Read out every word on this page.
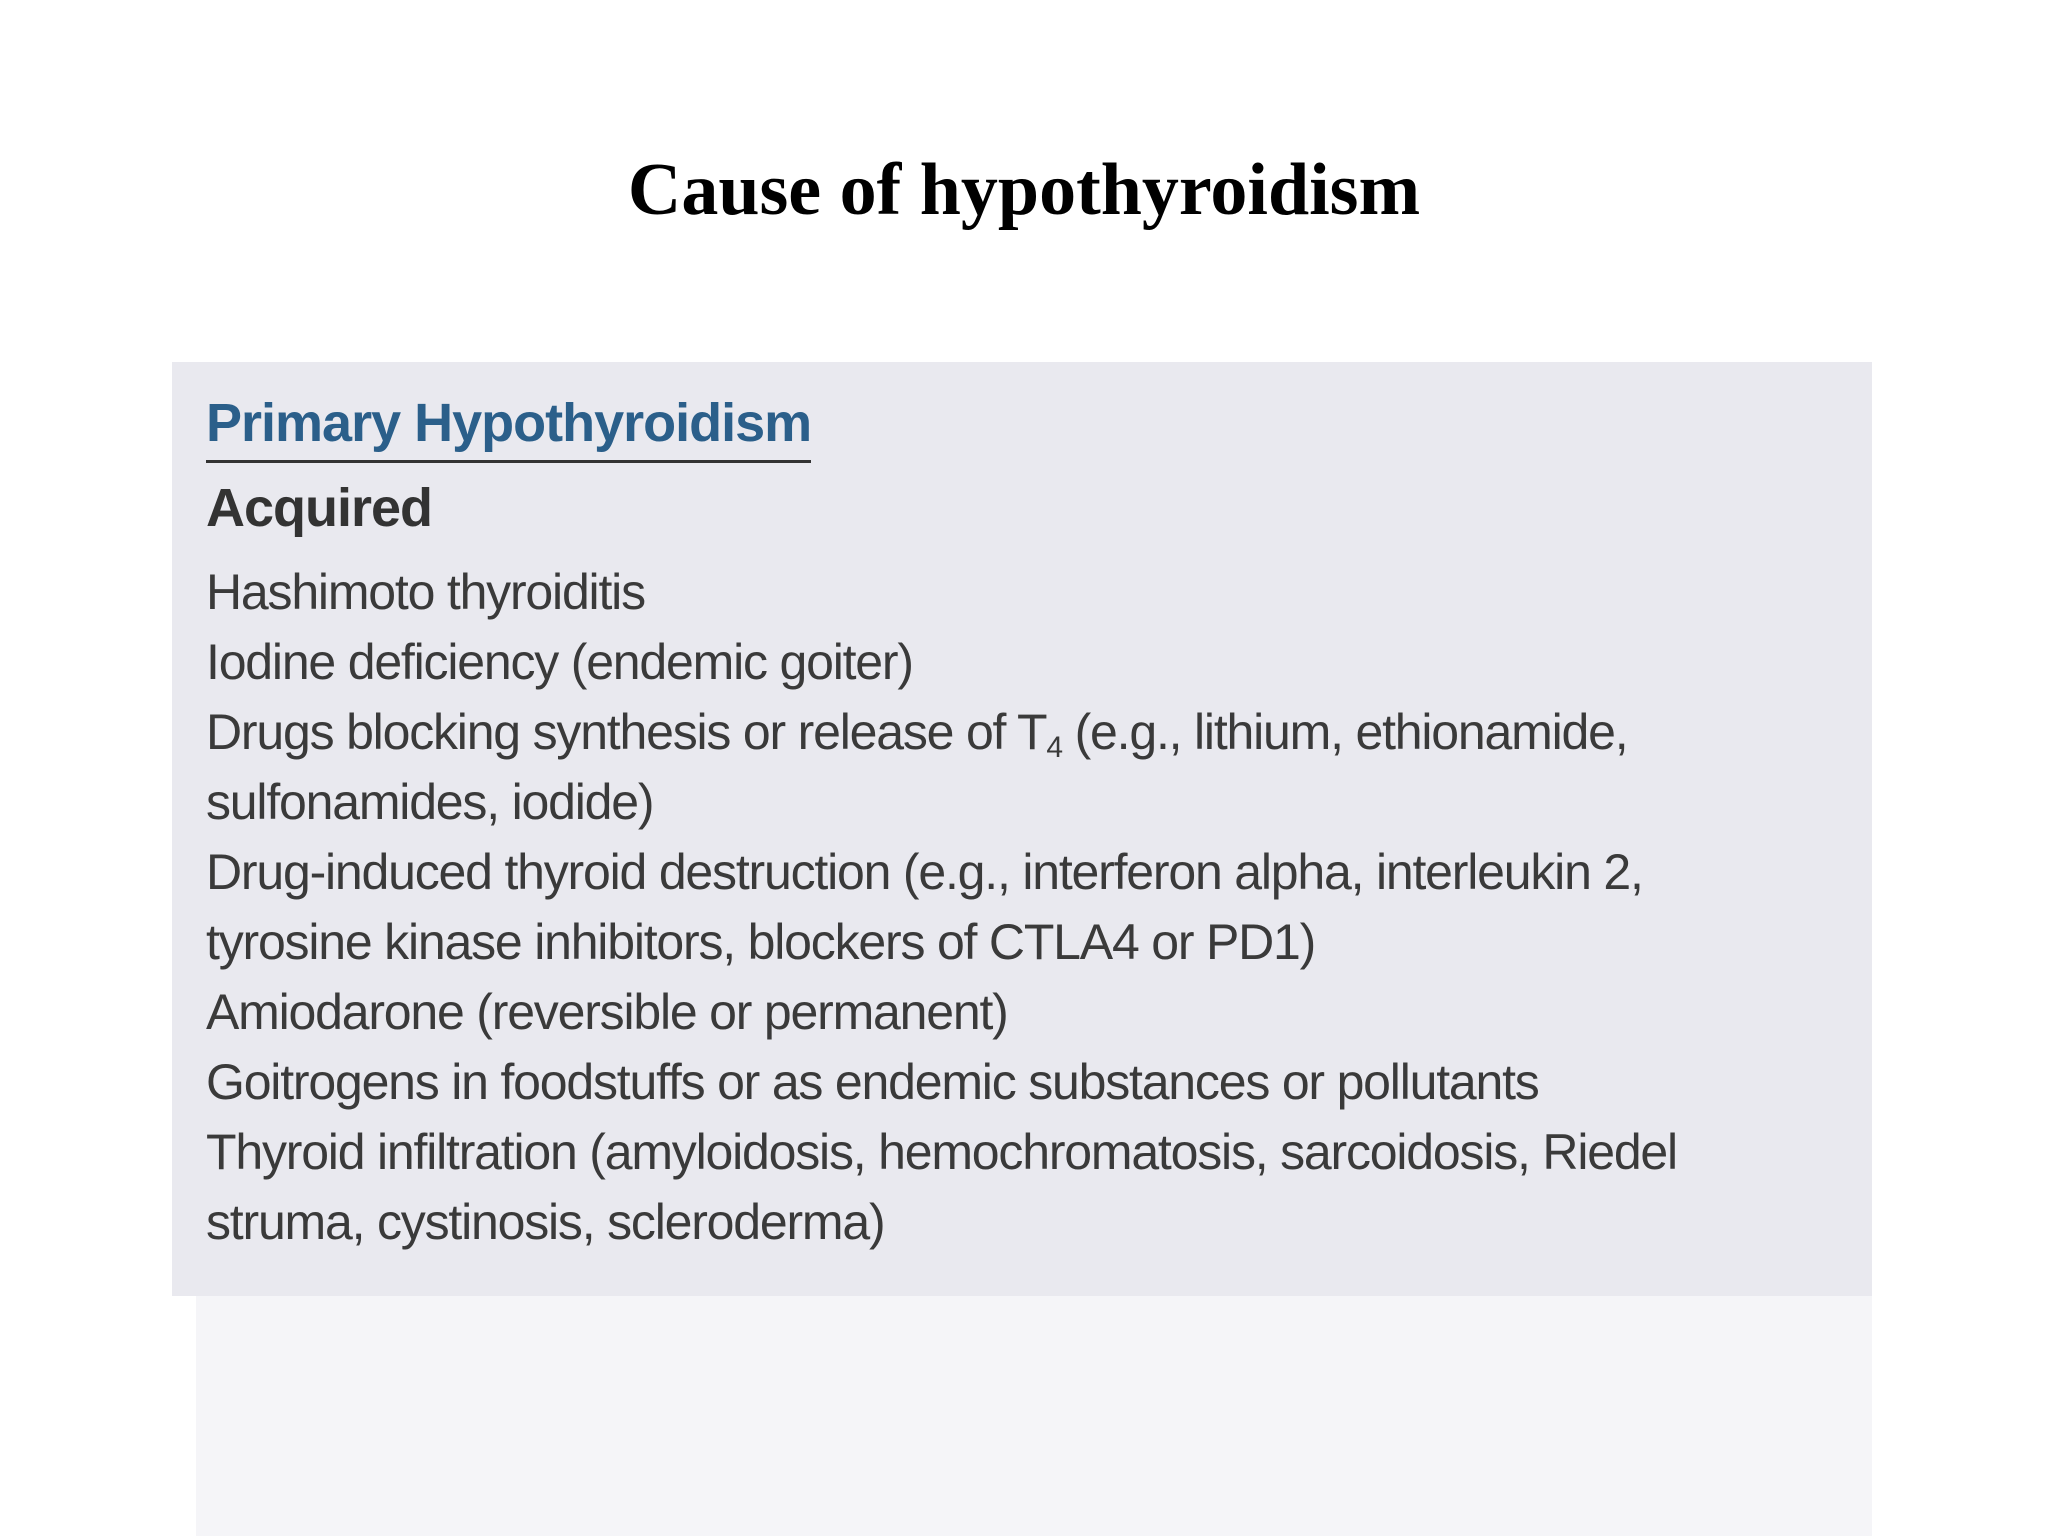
Cause of hypothyroidism
Primary Hypothyroidism
Acquired
Hashimoto thyroiditis
Iodine deficiency (endemic goiter)
Drugs blocking synthesis or release of $T_4$ (e.g., lithium, ethionamide,
sulfonamides, iodide)
Drug-induced thyroid destruction (e.g., interferon alpha, interleukin 2,
tyrosine kinase inhibitors, blockers of CTLA4 or PD1)
Amiodarone (reversible or permanent)
Goitrogens in foodstuffs or as endemic substances or pollutants
Thyroid infiltration (amyloidosis, hemochromatosis, sarcoidosis, Riedel
struma, cystinosis, scleroderma)
